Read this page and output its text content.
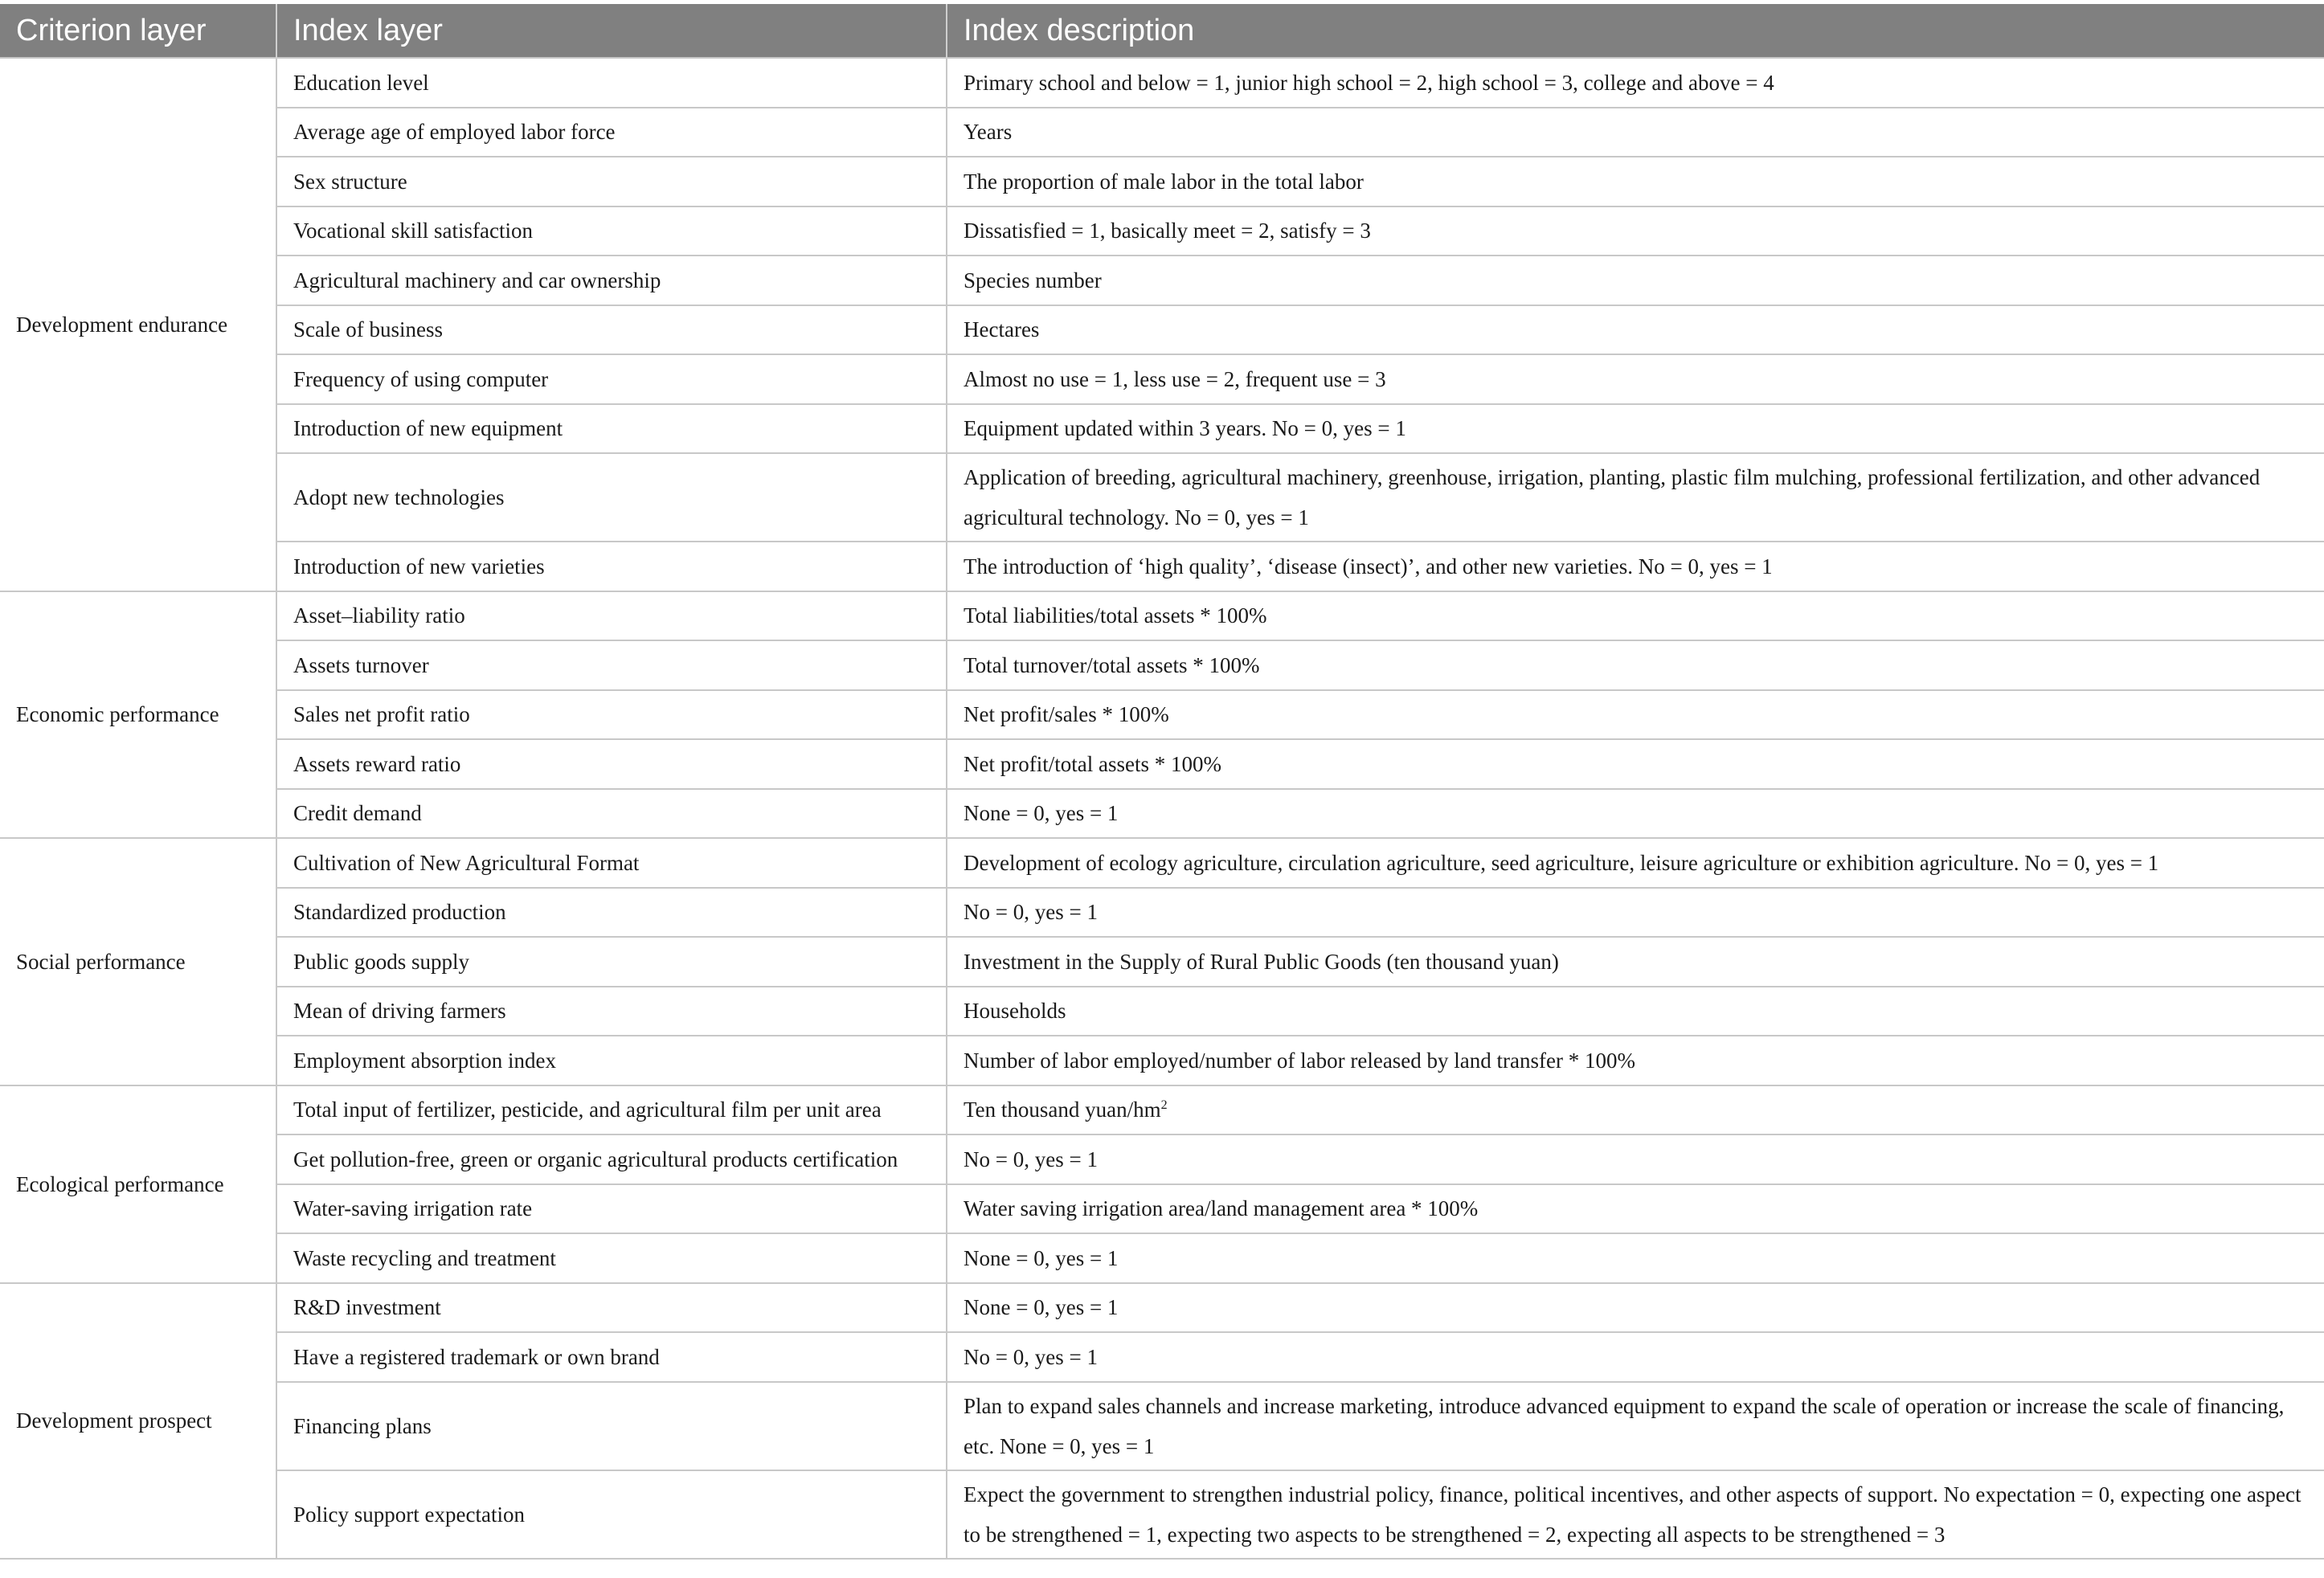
Criterion layer	Index layer	Index description
Development endurance	Education level	Primary school and below = 1, junior high school = 2, high school = 3, college and above = 4
	Average age of employed labor force	Years
	Sex structure	The proportion of male labor in the total labor
	Vocational skill satisfaction	Dissatisfied = 1, basically meet = 2, satisfy = 3
	Agricultural machinery and car ownership	Species number
	Scale of business	Hectares
	Frequency of using computer	Almost no use = 1, less use = 2, frequent use = 3
	Introduction of new equipment	Equipment updated within 3 years. No = 0, yes = 1
	Adopt new technologies	Application of breeding, agricultural machinery, greenhouse, irrigation, planting, plastic film mulching, professional fertilization, and other advanced agricultural technology. No = 0, yes = 1
	Introduction of new varieties	The introduction of ‘high quality’, ‘disease (insect)’, and other new varieties. No = 0, yes = 1
Economic performance	Asset–liability ratio	Total liabilities/total assets * 100%
	Assets turnover	Total turnover/total assets * 100%
	Sales net profit ratio	Net profit/sales * 100%
	Assets reward ratio	Net profit/total assets * 100%
	Credit demand	None = 0, yes = 1
Social performance	Cultivation of New Agricultural Format	Development of ecology agriculture, circulation agriculture, seed agriculture, leisure agriculture or exhibition agriculture. No = 0, yes = 1
	Standardized production	No = 0, yes = 1
	Public goods supply	Investment in the Supply of Rural Public Goods (ten thousand yuan)
	Mean of driving farmers	Households
	Employment absorption index	Number of labor employed/number of labor released by land transfer * 100%
Ecological performance	Total input of fertilizer, pesticide, and agricultural film per unit area	Ten thousand yuan/$hm^2$
	Get pollution-free, green or organic agricultural products certification	No = 0, yes = 1
	Water-saving irrigation rate	Water saving irrigation area/land management area * 100%
	Waste recycling and treatment	None = 0, yes = 1
Development prospect	R&D investment	None = 0, yes = 1
	Have a registered trademark or own brand	No = 0, yes = 1
	Financing plans	Plan to expand sales channels and increase marketing, introduce advanced equipment to expand the scale of operation or increase the scale of financing, etc. None = 0, yes = 1
	Policy support expectation	Expect the government to strengthen industrial policy, finance, political incentives, and other aspects of support. No expectation = 0, expecting one aspect to be strengthened = 1, expecting two aspects to be strengthened = 2, expecting all aspects to be strengthened = 3
